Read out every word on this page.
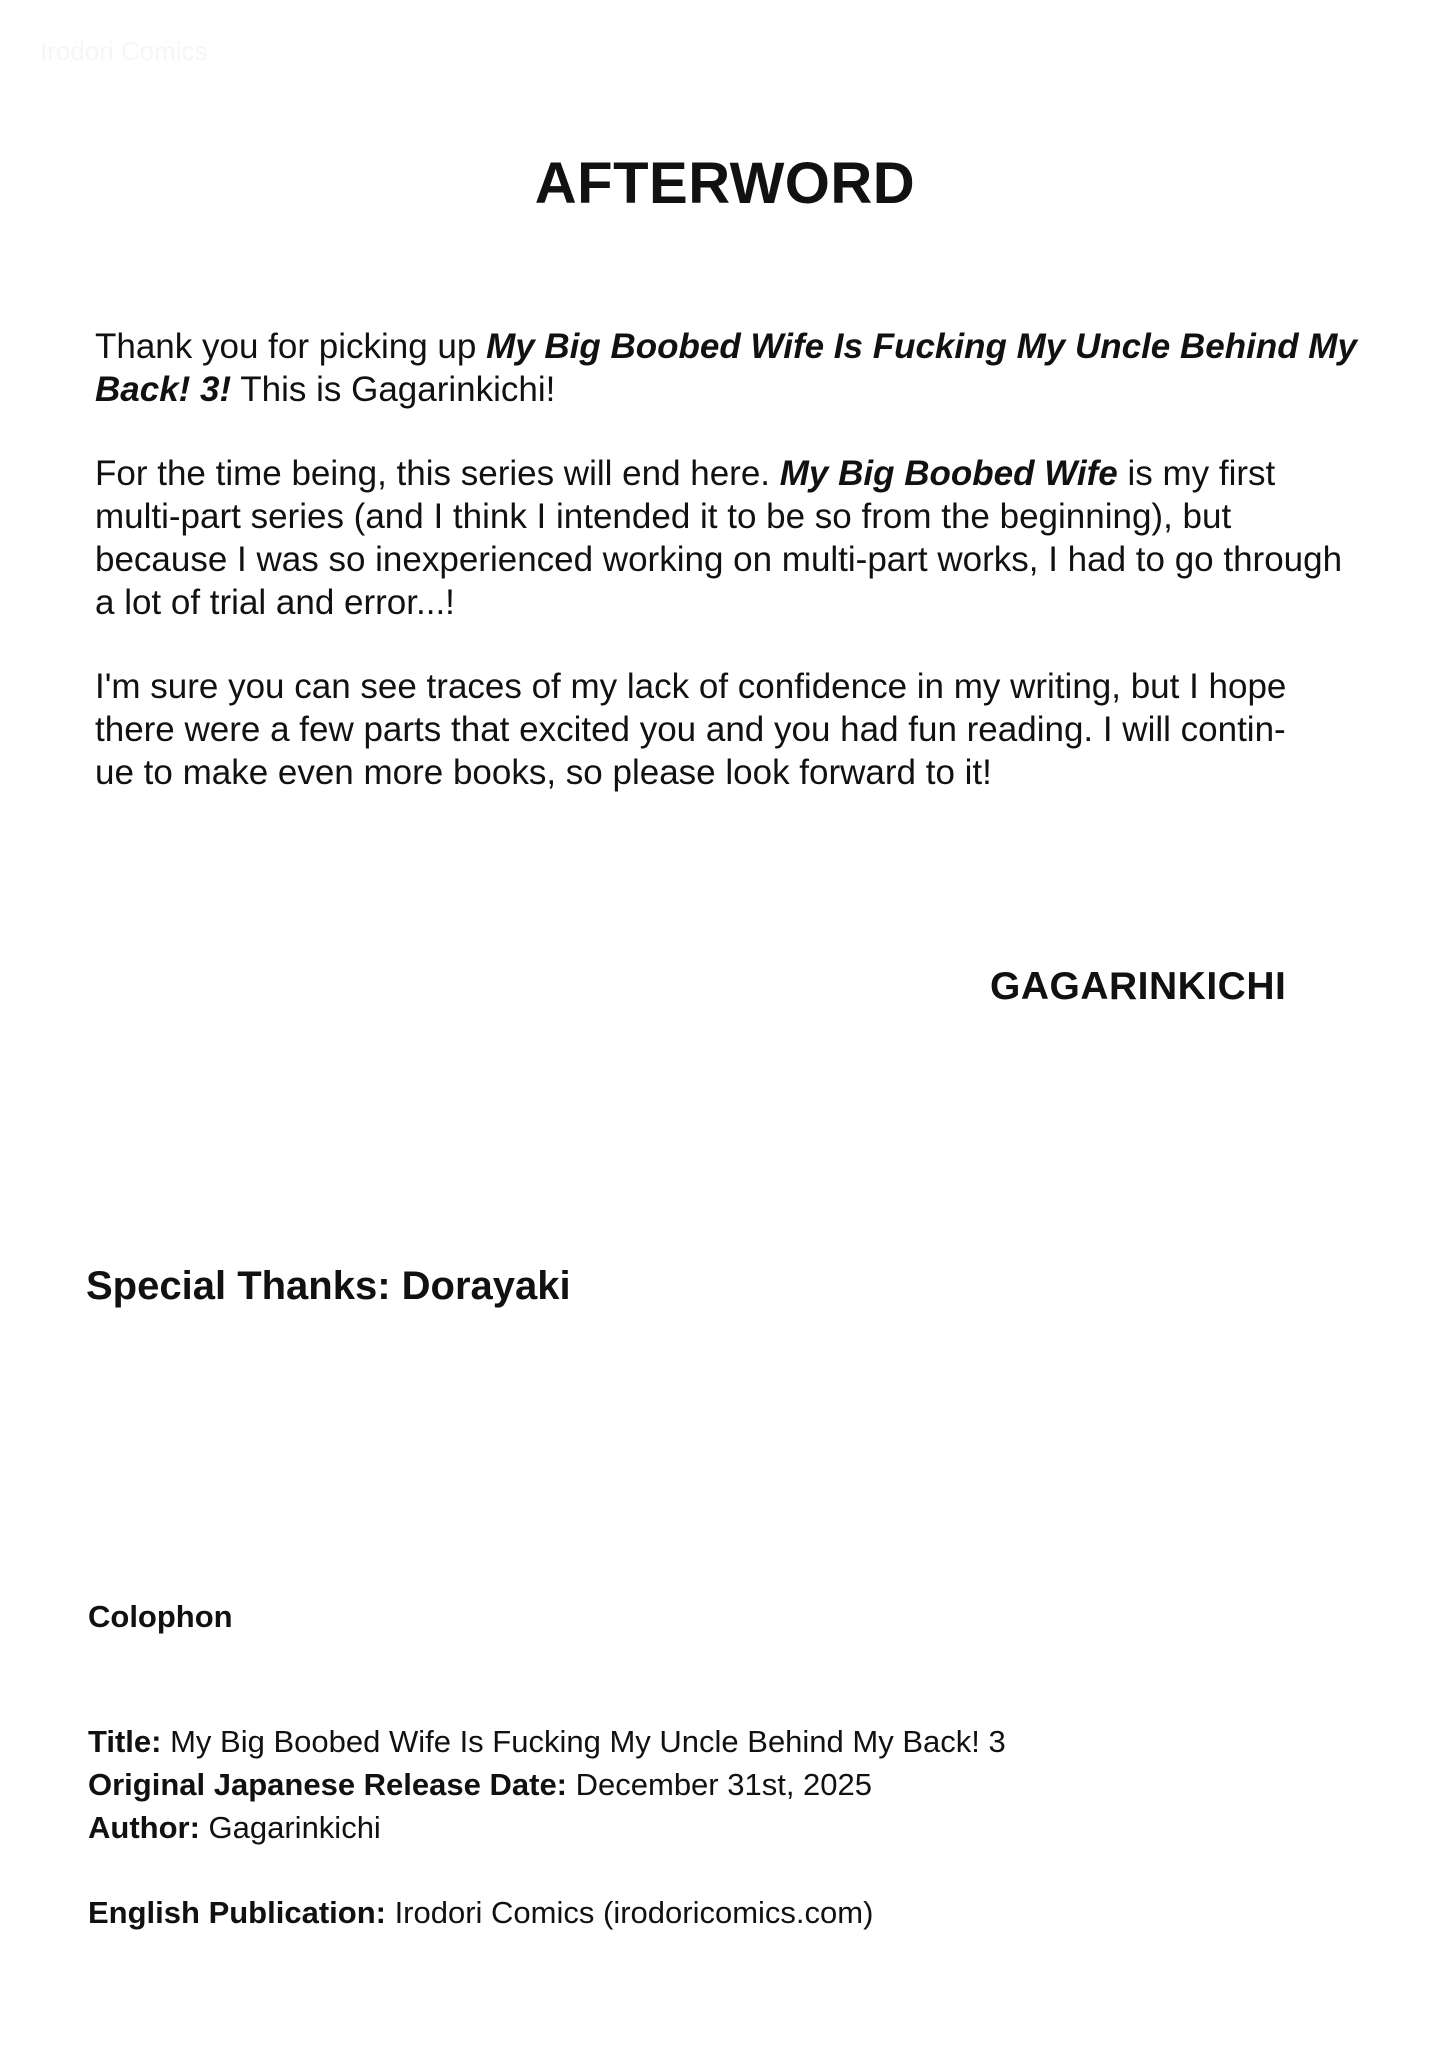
Irodori Comics
AFTERWORD

Thank you for picking up My Big Boobed Wife Is Fucking My Uncle Behind My Back! 3! This is Gagarinkichi!

For the time being, this series will end here. My Big Boobed Wife is my first multi-part series (and I think I intended it to be so from the beginning), but because I was so inexperienced working on multi-part works, I had to go through a lot of trial and error...!

I'm sure you can see traces of my lack of confidence in my writing, but I hope
there were a few parts that excited you and you had fun reading. I will contin-
ue to make even more books, so please look forward to it!

GAGARINKICHI
Special Thanks: Dorayaki
Colophon

Title: My Big Boobed Wife Is Fucking My Uncle Behind My Back! 3

Original Japanese Release Date: December 31st, 2025

Author: Gagarinkichi

English Publication: Irodori Comics (irodoricomics.com)
